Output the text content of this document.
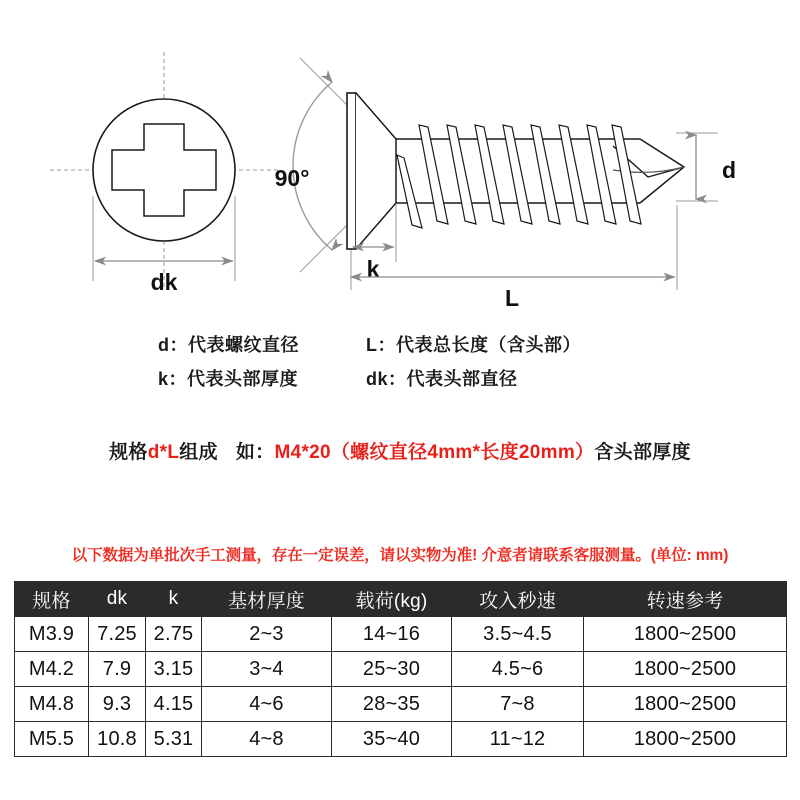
dk
90°	d
k
L
d：代表螺纹直径	L：代表总长度（含头部）
k：代表头部厚度	dk：代表头部直径
规格d*L组成 如：M4*20（螺纹直径4mm*长度20mm）含头部厚度
以下数据为单批次手工测量，存在一定误差，请以实物为准! 介意者请联系客服测量。(单位: mm)
规格	dk	k	基材厚度	载荷(kg)	攻入秒速	转速参考
M3.9	7.25	2.75	2~3	14~16	3.5~4.5	1800~2500
M4.2	7.9	3.15	3~4	25~30	4.5~6	1800~2500
M4.8	9.3	4.15	4~6	28~35	7~8	1800~2500
M5.5	10.8	5.31	4~8	35~40	11~12	1800~2500
